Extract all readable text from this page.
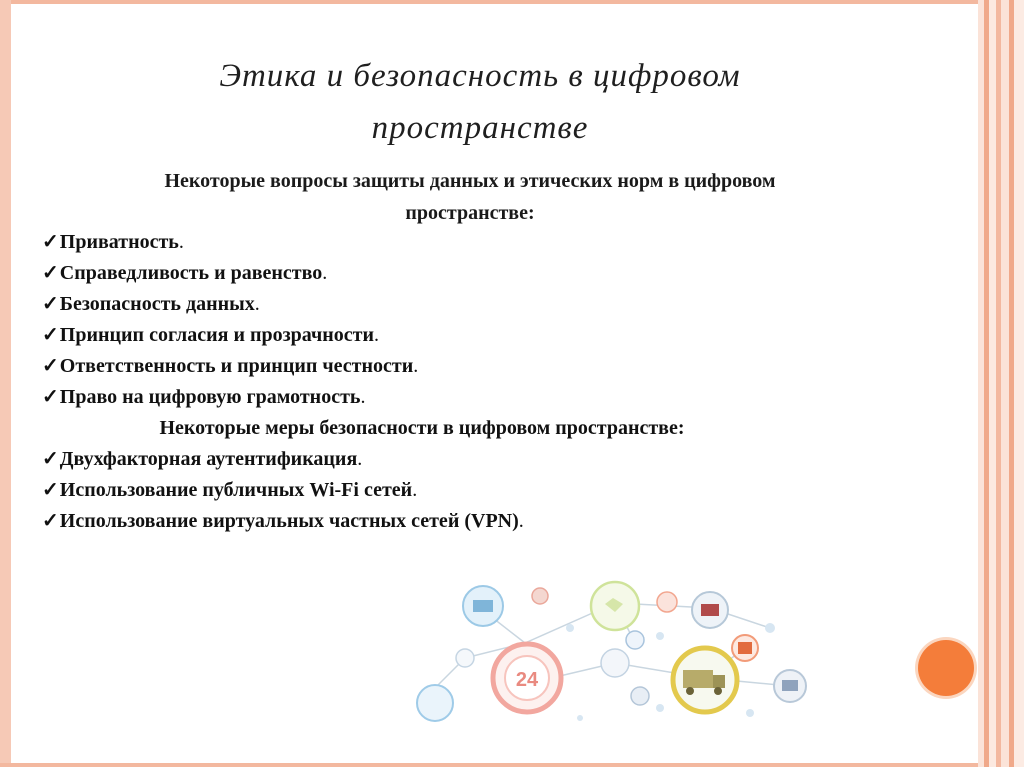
Этика и безопасность в цифровом
пространстве
Некоторые вопросы защиты данных и этических норм в цифровом
пространстве:
✓Приватность.
✓Справедливость и равенство.
✓Безопасность данных.
✓Принцип согласия и прозрачности.
✓Ответственность и принцип честности.
✓Право на цифровую грамотность.
Некоторые меры безопасности в цифровом пространстве:
✓Двухфакторная аутентификация.
✓Использование публичных Wi-Fi сетей.
✓Использование виртуальных частных сетей (VPN).
24
